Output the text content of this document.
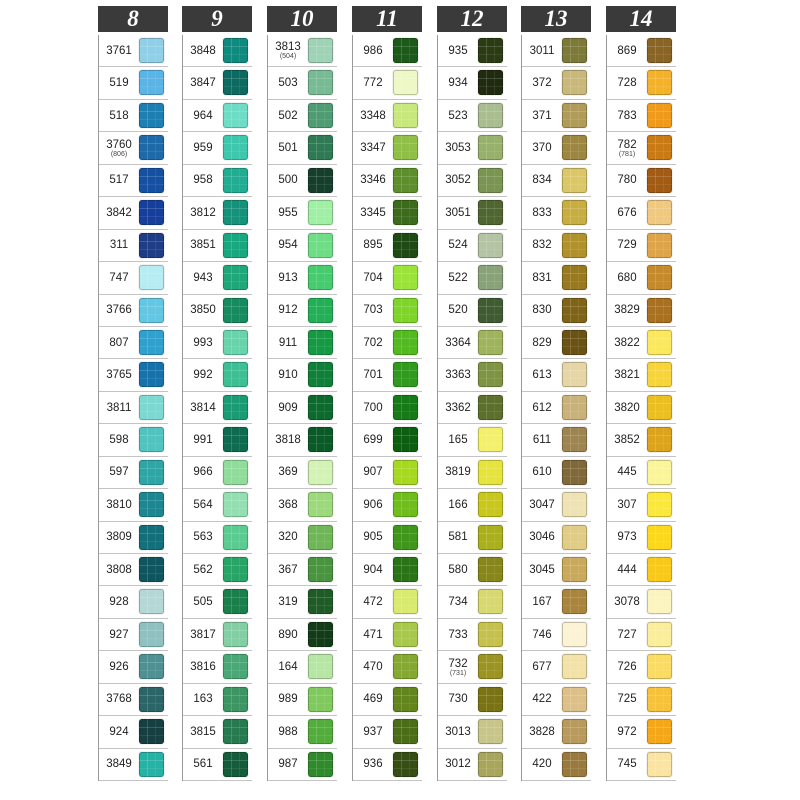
8
3761
519
518
3760
(806)
517
3842
311
747
3766
807
3765
3811
598
597
3810
3809
3808
928
927
926
3768
924
3849
9
3848
3847
964
959
958
3812
3851
943
3850
993
992
3814
991
966
564
563
562
505
3817
3816
163
3815
561
10
3813
(504)
503
502
501
500
955
954
913
912
911
910
909
3818
369
368
320
367
319
890
164
989
988
987
11
986
772
3348
3347
3346
3345
895
704
703
702
701
700
699
907
906
905
904
472
471
470
469
937
936
12
935
934
523
3053
3052
3051
524
522
520
3364
3363
3362
165
3819
166
581
580
734
733
732
(731)
730
3013
3012
13
3011
372
371
370
834
833
832
831
830
829
613
612
611
610
3047
3046
3045
167
746
677
422
3828
420
14
869
728
783
782
(781)
780
676
729
680
3829
3822
3821
3820
3852
445
307
973
444
3078
727
726
725
972
745
